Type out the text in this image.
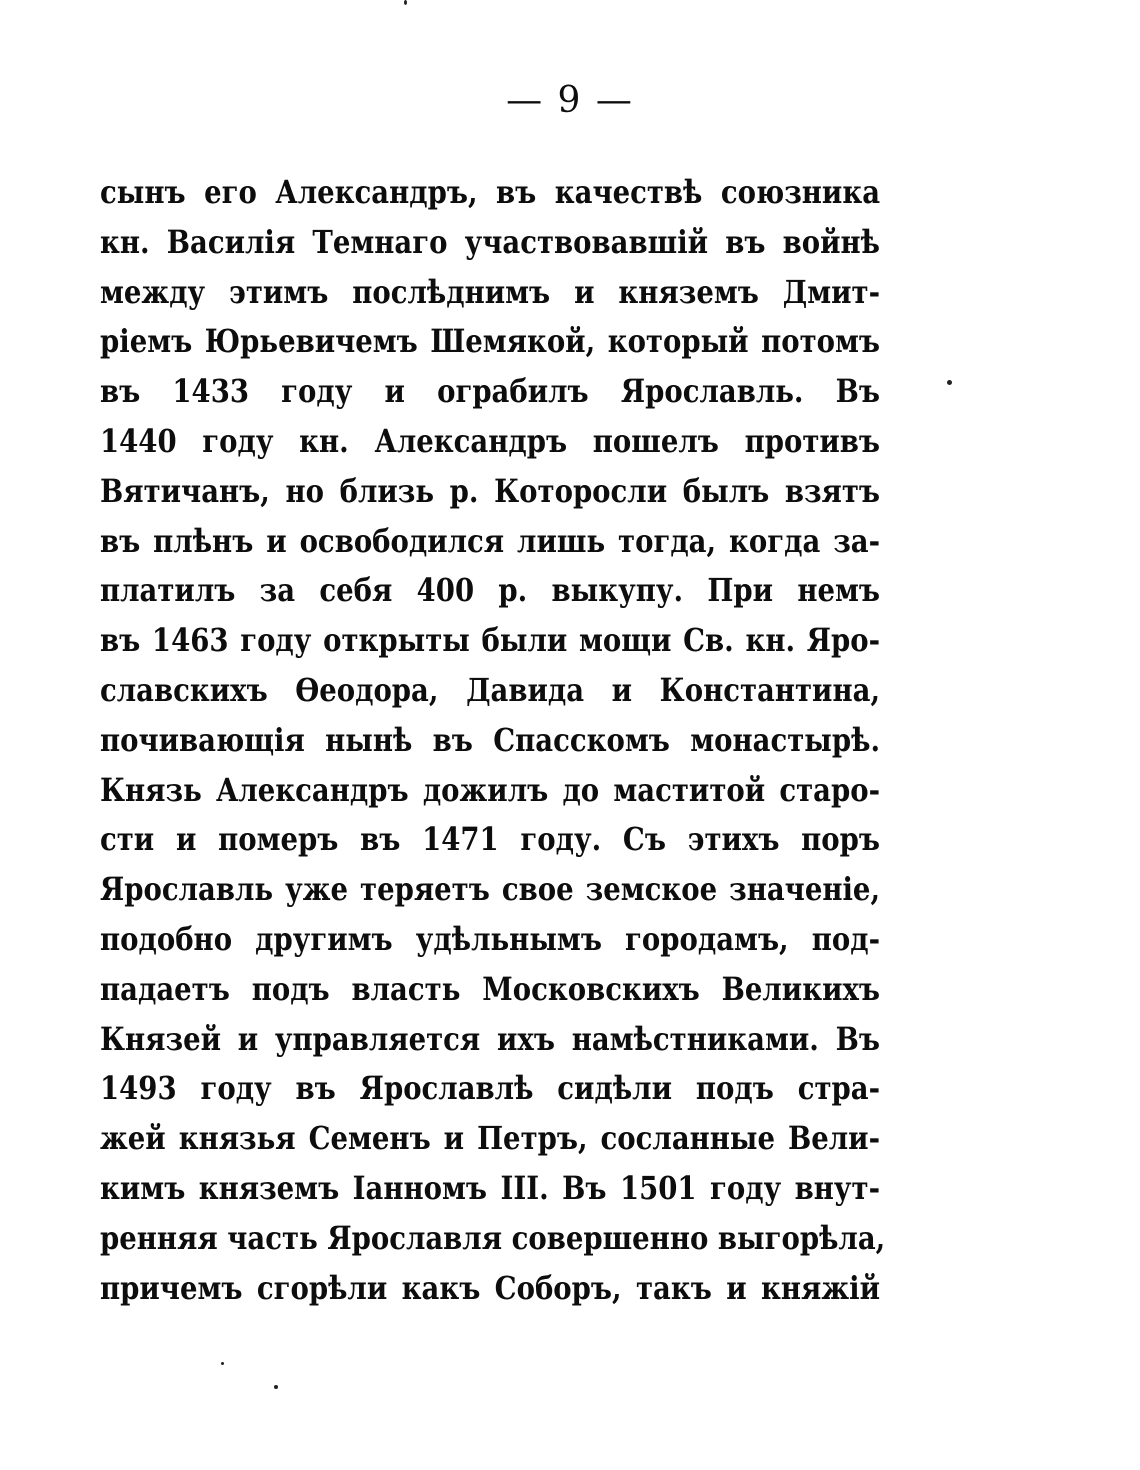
— 9 —
сынъ его Александръ, въ качествѣ союзника
кн. Василія Темнаго участвовавшій въ войнѣ
между этимъ послѣднимъ и княземъ Дмит-
ріемъ Юрьевичемъ Шемякой, который потомъ
въ 1433 году и ограбилъ Ярославль. Въ
1440 году кн. Александръ пошелъ противъ
Вятичанъ, но близь р. Которосли былъ взятъ
въ плѣнъ и освободился лишь тогда, когда за-
платилъ за себя 400 р. выкупу. При немъ
въ 1463 году открыты были мощи Св. кн. Яро-
славскихъ Ѳеодора, Давида и Константина,
почивающія нынѣ въ Спасскомъ монастырѣ.
Князь Александръ дожилъ до маститой старо-
сти и померъ въ 1471 году. Съ этихъ поръ
Ярославль уже теряетъ свое земское значеніе,
подобно другимъ удѣльнымъ городамъ, под-
падаетъ подъ власть Московскихъ Великихъ
Князей и управляется ихъ намѣстниками. Въ
1493 году въ Ярославлѣ сидѣли подъ стра-
жей князья Семенъ и Петръ, сосланные Вели-
кимъ княземъ Іанномъ III. Въ 1501 году внут-
ренняя часть Ярославля совершенно выгорѣла,
причемъ сгорѣли какъ Соборъ, такъ и княжій
